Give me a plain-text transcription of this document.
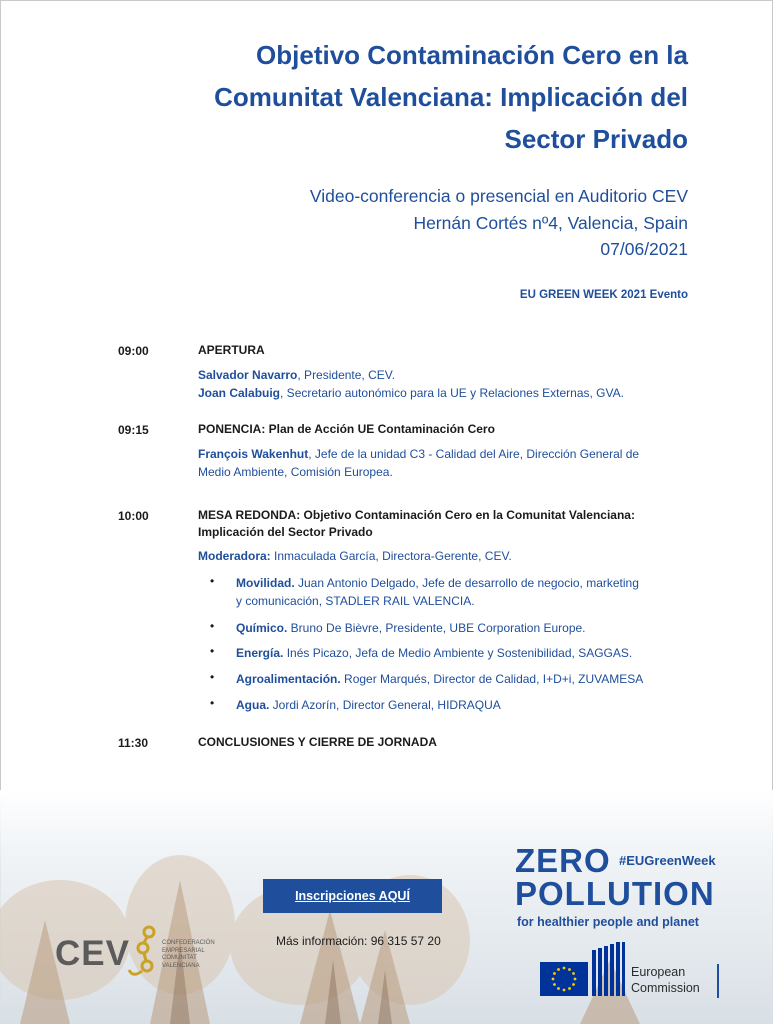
Objetivo Contaminación Cero en la
Comunitat Valenciana: Implicación del
Sector Privado
Video-conferencia o presencial en Auditorio CEV
Hernán Cortés nº4, Valencia, Spain
07/06/2021
EU GREEN WEEK 2021 Evento
09:00	APERTURA
Salvador Navarro, Presidente, CEV.
Joan Calabuig, Secretario autonómico para la UE y Relaciones Externas, GVA.
09:15	PONENCIA: Plan de Acción UE Contaminación Cero
François Wakenhut, Jefe de la unidad C3 - Calidad del Aire, Dirección General de
Medio Ambiente, Comisión Europea.
10:00	MESA REDONDA: Objetivo Contaminación Cero en la Comunitat Valenciana:
Implicación del Sector Privado
Moderadora: Inmaculada García, Directora-Gerente, CEV.
• Movilidad. Juan Antonio Delgado, Jefe de desarrollo de negocio, marketing
y comunicación, STADLER RAIL VALENCIA.
• Químico. Bruno De Bièvre, Presidente, UBE Corporation Europe.
• Energía. Inés Picazo, Jefa de Medio Ambiente y Sostenibilidad, SAGGAS.
• Agroalimentación. Roger Marqués, Director de Calidad, I+D+i, ZUVAMESA
• Agua. Jordi Azorín, Director General, HIDRAQUA
11:30	CONCLUSIONES Y CIERRE DE JORNADA
Inscripciones AQUÍ
Más información: 96 315 57 20
CEV	CONFEDERACIÓN
EMPRESARIAL
COMUNITAT
VALENCIANA
ZERO #EUGreenWeek
POLLUTION
for healthier people and planet
European
Commission
